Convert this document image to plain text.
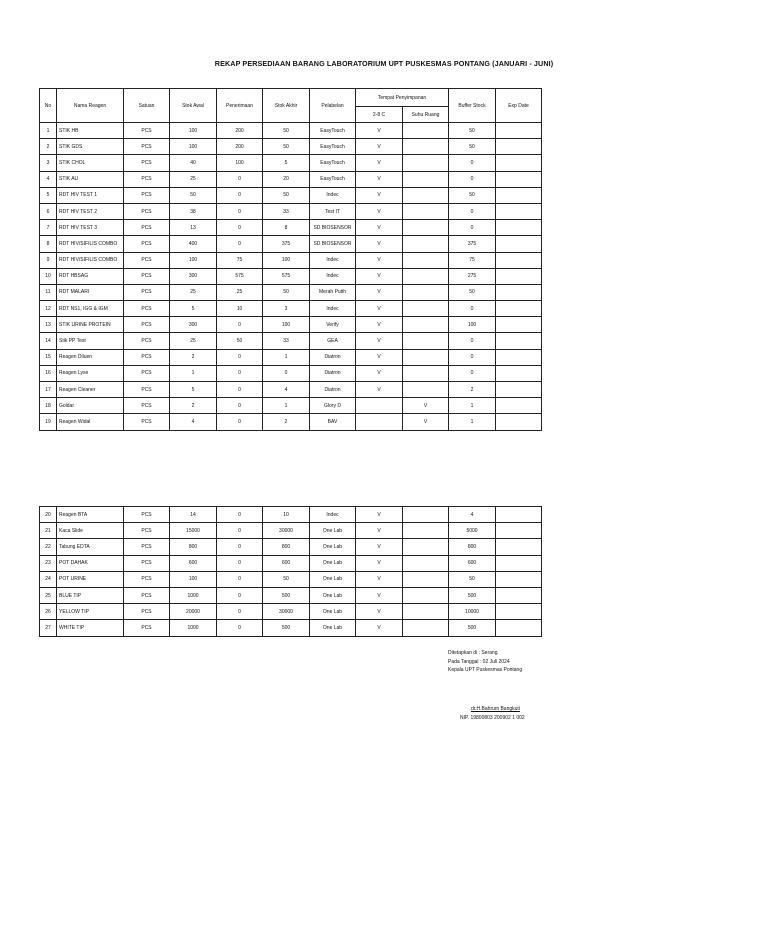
REKAP PERSEDIAAN BARANG LABORATORIUM UPT PUSKESMAS PONTANG (JANUARI - JUNI)
No	Nama Reagen	Satuan	Stok Awal	Penerimaan	Stok Akhir	Pelabelan	Tempat Penyimpanan		Buffer Stock	Exp Date
							2-8 C	Suhu Ruang		
1	STIK HB	PCS	100	200	50	EasyTouch	V		50	
2	STIK GDS	PCS	100	200	50	EasyTouch	V		50	
3	STIK CHOL	PCS	40	100	5	EasyTouch	V		0	
4	STIK AU	PCS	25	0	20	EasyTouch	V		0	
5	RDT HIV TEST 1	PCS	50	0	50	Indec	V		50	
6	RDT HIV TEST 2	PCS	38	0	33	Test IT	V		0	
7	RDT HIV TEST 3	PCS	13	0	8	SD BIOSENSOR	V		0	
8	RDT HIV/SIFILIS COMBO	PCS	400	0	375	SD BIOSENSOR	V		375	
9	RDT HIV/SIFILIS COMBO	PCS	100	75	100	Indec	V		75	
10	RDT HBSAG	PCS	300	575	575	Indec	V		275	
11	RDT MALARI	PCS	25	25	50	Merah Putih	V		50	
12	RDT NS1, IGG & IGM	PCS	5	10	3	Indec	V		0	
13	STIK URINE PROTEIN	PCS	300	0	100	Verify	V		100	
14	Stik PP Test	PCS	25	50	33	GEA	V		0	
15	Reagen Diluen	PCS	2	0	1	Diatron	V		0	
16	Reagen Lyse	PCS	1	0	0	Diatron	V		0	
17	Reagen Cleaner	PCS	5	0	4	Diatron	V		2	
18	Goldar	PCS	2	0	1	Glory D		V	1	
19	Reagen Widal	PCS	4	0	2	BAV		V	1	
20	Reagen BTA	PCS	14	0	10	Indec	V		4	
21	Kaca Slide	PCS	15000	0	30000	One Lab	V		5000	
22	Tabung EDTA	PCS	800	0	800	One Lab	V		800	
23	POT DAHAK	PCS	600	0	600	One Lab	V		600	
24	POT URINE	PCS	100	0	50	One Lab	V		50	
25	BLUE TIP	PCS	1000	0	500	One Lab	V		500	
26	YELLOW TIP	PCS	20000	0	30000	One Lab	V		10000	
27	WHITE TIP	PCS	1000	0	500	One Lab	V		500	
Ditetapkan di : Serang
Pada Tanggal : 02 Juli 2024
Kepala UPT Puskesmas Pontang
dr.H.Bahrum Bangkuti
NIP. 19800803 200902 1 002
